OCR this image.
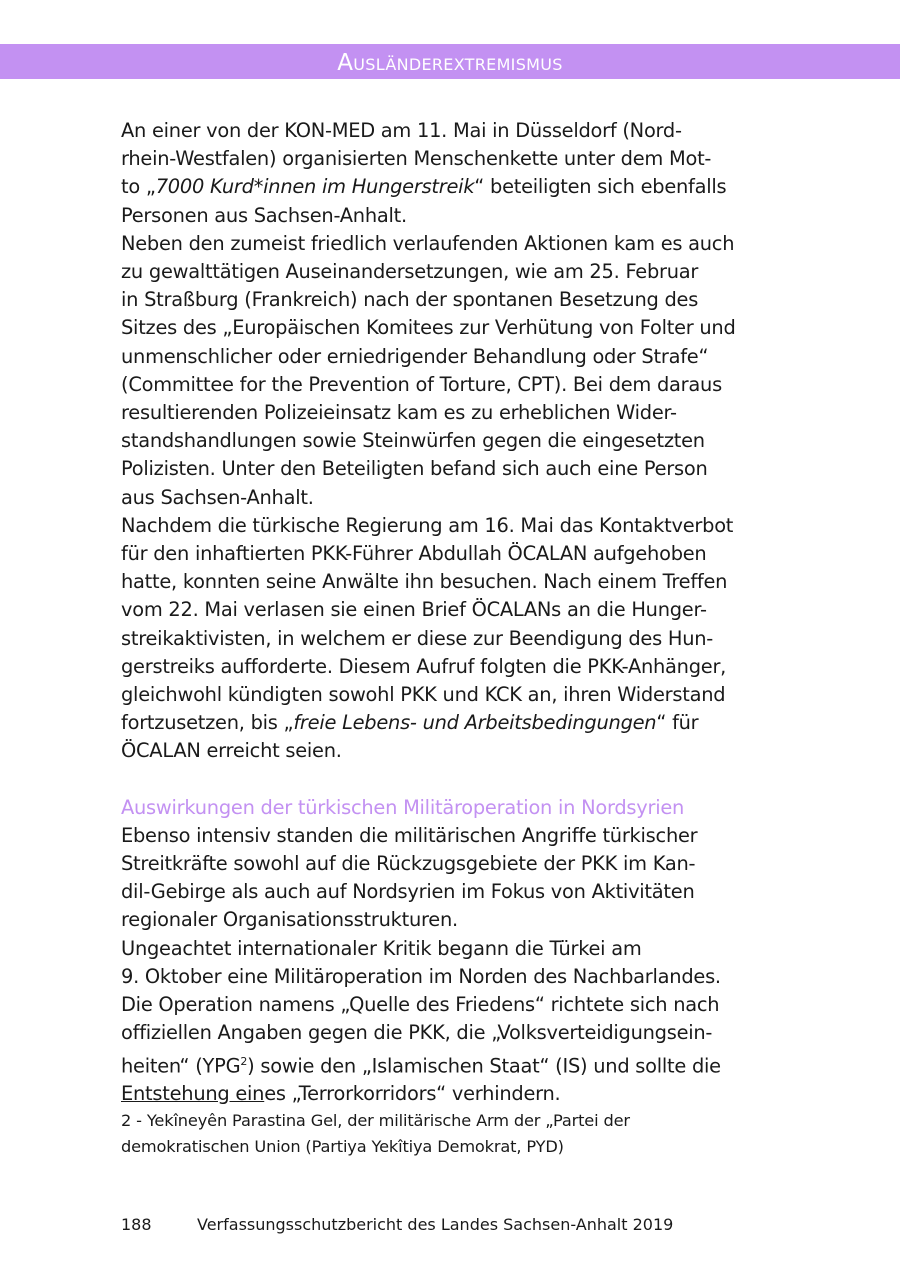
Ausländerextremismus

An einer von der KON-MED am 11. Mai in Düsseldorf (Nord-
rhein-Westfalen) organisierten Menschenkette unter dem Mot-
to „7000 Kurd*innen im Hungerstreik“ beteiligten sich ebenfalls
Personen aus Sachsen-Anhalt.

Neben den zumeist friedlich verlaufenden Aktionen kam es auch
zu gewalttätigen Auseinandersetzungen, wie am 25. Februar
in Straßburg (Frankreich) nach der spontanen Besetzung des
Sitzes des „Europäischen Komitees zur Verhütung von Folter und
unmenschlicher oder erniedrigender Behandlung oder Strafe“
(Committee for the Prevention of Torture, CPT). Bei dem daraus
resultierenden Polizeieinsatz kam es zu erheblichen Wider-
standshandlungen sowie Steinwürfen gegen die eingesetzten
Polizisten. Unter den Beteiligten befand sich auch eine Person
aus Sachsen-Anhalt.

Nachdem die türkische Regierung am 16. Mai das Kontaktverbot
für den inhaftierten PKK-Führer Abdullah ÖCALAN aufgehoben
hatte, konnten seine Anwälte ihn besuchen. Nach einem Treffen
vom 22. Mai verlasen sie einen Brief ÖCALANs an die Hunger-
streikaktivisten, in welchem er diese zur Beendigung des Hun-
gerstreiks aufforderte. Diesem Aufruf folgten die PKK-Anhänger,
gleichwohl kündigten sowohl PKK und KCK an, ihren Widerstand
fortzusetzen, bis „freie Lebens- und Arbeitsbedingungen“ für
ÖCALAN erreicht seien.

Auswirkungen der türkischen Militäroperation in Nordsyrien

Ebenso intensiv standen die militärischen Angriffe türkischer
Streitkräfte sowohl auf die Rückzugsgebiete der PKK im Kan-
dil-Gebirge als auch auf Nordsyrien im Fokus von Aktivitäten
regionaler Organisationsstrukturen.

Ungeachtet internationaler Kritik begann die Türkei am
9. Oktober eine Militäroperation im Norden des Nachbarlandes.
Die Operation namens „Quelle des Friedens“ richtete sich nach
offiziellen Angaben gegen die PKK, die „Volksverteidigungsein-
heiten“ (YPG$^2$) sowie den „Islamischen Staat“ (IS) und sollte die
Entstehung eines „Terrorkorridors“ verhindern.

2 - Yekîneyên Parastina Gel, der militärische Arm der „Partei der
demokratischen Union (Partiya Yekîtiya Demokrat, PYD)

188	Verfassungsschutzbericht des Landes Sachsen-Anhalt 2019
